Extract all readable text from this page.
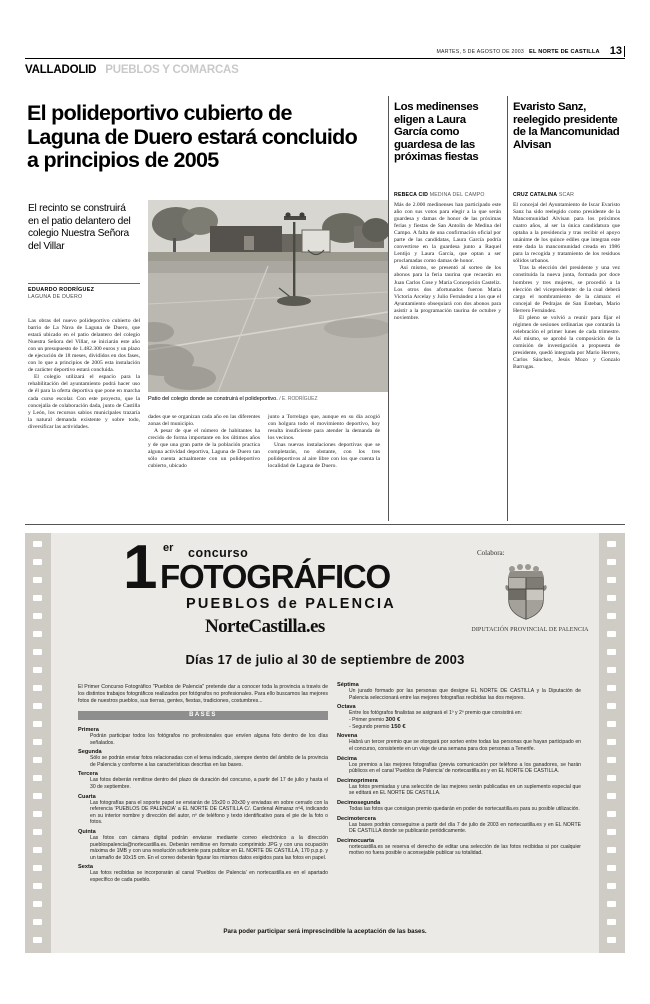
MARTES, 5 DE AGOSTO DE 2003 EL NORTE DE CASTILLA 13
VALLADOLID PUEBLOS Y COMARCAS
El polideportivo cubierto de Laguna de Duero estará concluido a principios de 2005
El recinto se construirá en el patio delantero del colegio Nuestra Señora del Villar
EDUARDO RODRÍGUEZ
LAGUNA DE DUERO
Patio del colegio donde se construirá el polideportivo. / E. RODRÍGUEZ

Las obras del nuevo polideportivo cubierto del barrio de La Nava de Laguna de Duero, que estará ubicado en el patio delantero del colegio Nuestra Señora del Villar, se iniciarán este año con un presupuesto de 1.482.300 euros y un plazo de ejecución de 18 meses, divididos en dos fases, con lo que a principios de 2005 esta instalación de carácter deportivo estará concluida.

El colegio utilizará el espacio para la rehabilitación del ayuntamiento podrá hacer uso de él para la oferta deportiva que pone en marcha cada curso escolar. Con este proyecto, que la concejalía de colaboración dada, junto de Castilla y León, los recursos sabios municipales trazaría la natural demanda existente y sobre todo, diversificar las actividades.

dades que se organizan cada año en las diferentes zonas del municipio.

A pesar de que el número de habitantes ha crecido de forma importante en los últimos años y de que una gran parte de la población practica alguna actividad deportiva, Laguna de Duero tan sólo cuenta actualmente con un polideportivo cubierto, ubicado

junto a Torrelago que, aunque en su día acogió con holgura todo el movimiento deportivo, hoy resulta insuficiente para atender la demanda de los vecinos.

Unas nuevas instalaciones deportivas que se completarán, no obstante, con los tres polideportivos al aire libre con los que cuenta la localidad de Laguna de Duero.

Los medinenses eligen a Laura García como guardesa de las próximas fiestas
REBECA CID MEDINA DEL CAMPO

Más de 2.000 medinenses han participado este año con sus votos para elegir a la que serán guardesa y damas de honor de las próximas ferias y fiestas de San Antolín de Medina del Campo. A falta de una confirmación oficial por parte de las candidatas, Laura García podría convertirse en la guardesa junto a Raquel Lentijo y Laura García, que optan a ser proclamadas como damas de honor.

Así mismo, se presentó al sorteo de los abonos para la feria taurina que recaerán en Juan Carlos Cose y María Concepción Casteliz. Los otros dos afortunados fueron María Victoria Arcelay y Julio Fernández a los que el Ayuntamiento obsequiará con dos abonos para asistir a la programación taurina de octubre y noviembre.

Evaristo Sanz, reelegido presidente de la Mancomunidad Alvisan
CRUZ CATALINA SCAR

El concejal del Ayuntamiento de Iscar Evaristo Sanz ha sido reelegido como presidente de la Mancomunidad Alvisan para los próximos cuatro años, al ser la única candidatura que optaba a la presidencia y tras recibir el apoyo unánime de los quince ediles que integran este ente dada la mancomunidad creada en 1986 para la recogida y tratamiento de los residuos sólidos urbanos.

Tras la elección del presidente y una vez constituida la nueva junta, formada por doce hombres y tres mujeres, se procedió a la elección del vicepresidente: de la cual deberá cargo el nombramiento de la cámara: el concejal de Pedrajas de San Esteban, Mario Herrero Fernández.

El pleno se volvió a reunir para fijar el régimen de sesiones ordinarias que contarán la celebración el primer lunes de cada trimestre. Así mismo, se aprobó la composición de la comisión de investigación a propuesta de presidente, quedó integrada por Mario Herrero, Carlos Sánchez, Jesús Mozo y Gonzalo Barrugas.

1 er concurso
FOTOGRÁFICO
PUEBLOS de PALENCIA
NorteCastilla.es
Días 17 de julio al 30 de septiembre de 2003
Colabora:
DIPUTACIÓN PROVINCIAL DE PALENCIA
El Primer Concurso Fotográfico "Pueblos de Palencia" pretende dar a conocer toda la provincia a través de los distintos trabajos fotográficos realizados por fotógrafos no profesionales. Para ello buscamos las mejores fotos de nuestros pueblos, sus tierras, gentes, fiestas, tradiciones, costumbres...
BASES
Primera
Podrán participar todos los fotógrafos no profesionales que envíen alguna foto dentro de los días señalados.
Segunda
Sólo se podrán enviar fotos relacionadas con el tema indicado, siempre dentro del ámbito de la provincia de Palencia y conforme a las características descritas en las bases.
Tercera
Las fotos deberán remitirse dentro del plazo de duración del concurso, a partir del 17 de julio y hasta el 30 de septiembre.
Cuarta
Las fotografías para el soporte papel se enviarán de 15x20 o 20x30 y enviadas en sobre cerrado con la referencia 'PUEBLOS DE PALENCIA' a EL NORTE DE CASTILLA C/. Cardenal Almaraz nº4, indicando en su interior nombre y dirección del autor, nº de teléfono y texto identificativo para el pie de la foto o fotos.
Quinta
Las fotos con cámara digital podrán enviarse mediante correo electrónico a la dirección pueblospalencia@nortecastilla.es. Deberán remitirse en formato comprimido JPG y con una ocupación máxima de 1MB y con una resolución suficiente para publicar en EL NORTE DE CASTILLA, 170 p.p.p. y un tamaño de 10x15 cm. En el correo deberán figurar los mismos datos exigidos para las fotos en papel.
Sexta
Las fotos recibidas se incorporarán al canal 'Pueblos de Palencia' en nortecastilla.es en el apartado específico de cada pueblo.
Séptima
Un jurado formado por las personas que designe EL NORTE DE CASTILLA y la Diputación de Palencia seleccionará entre las mejores fotografías recibidas las dos mejores.
Octava
Entre los fotógrafos finalistas se asignará el 1º y 2º premio que consistirá en:
- Primer premio 300 €
- Segundo premio 150 €
Novena
Habrá un tercer premio que se otorgará por sorteo entre todas las personas que hayan participado en el concurso, consistente en un viaje de una semana para dos personas a Tenerife.
Décima
Los premios a las mejores fotografías (previa comunicación por teléfono a los ganadores, se harán públicos en el canal 'Pueblos de Palencia' de nortecastilla.es y en EL NORTE DE CASTILLA.
Decimoprimera
Las fotos premiadas y una selección de las mejores serán publicadas en un suplemento especial que se editará en EL NORTE DE CASTILLA.
Decimosegunda
Todas las fotos que consigan premio quedarán en poder de nortecastilla.es para su posible utilización.
Decimotercera
Las bases podrán conseguirse a partir del día 7 de julio de 2003 en nortecastilla.es y en EL NORTE DE CASTILLA donde se publicarán periódicamente.
Decimocuarta
nortecastilla.es se reserva el derecho de editar una selección de las fotos recibidas si por cualquier motivo no fuera posible o aconsejable publicar su totalidad.
Para poder participar será imprescindible la aceptación de las bases.
